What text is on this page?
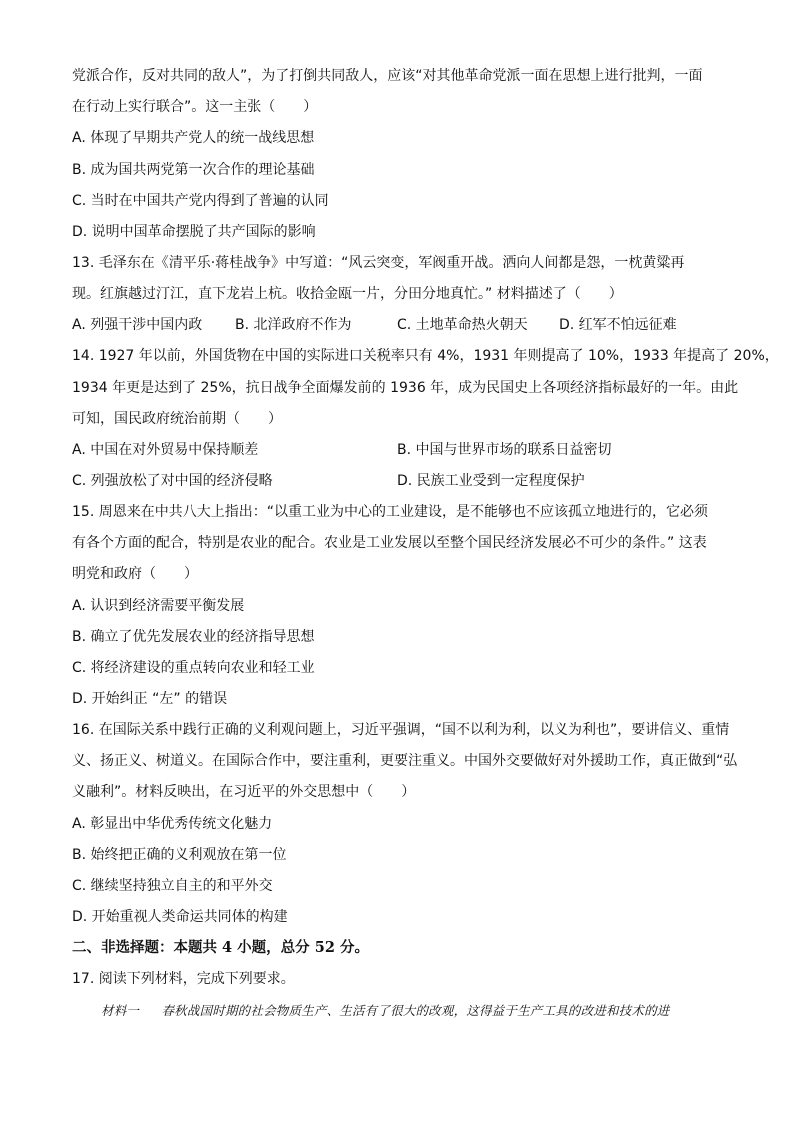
党派合作，反对共同的敌人”，为了打倒共同敌人，应该“对其他革命党派一面在思想上进行批判，一面
在行动上实行联合”。这一主张（　　）
A. 体现了早期共产党人的统一战线思想
B. 成为国共两党第一次合作的理论基础
C. 当时在中国共产党内得到了普遍的认同
D. 说明中国革命摆脱了共产国际的影响
13. 毛泽东在《清平乐·蒋桂战争》中写道：“风云突变，军阀重开战。洒向人间都是怨，一枕黄粱再
现。红旗越过汀江，直下龙岩上杭。收拾金瓯一片，分田分地真忙。” 材料描述了（　　）
A. 列强干涉中国内政 B. 北洋政府不作为	C. 土地革命热火朝天 D. 红军不怕远征难
14. 1927 年以前，外国货物在中国的实际进口关税率只有 4%，1931 年则提高了 10%，1933 年提高了 20%，
1934 年更是达到了 25%，抗日战争全面爆发前的 1936 年，成为民国史上各项经济指标最好的一年。由此
可知，国民政府统治前期（　　）
A. 中国在对外贸易中保持顺差	B. 中国与世界市场的联系日益密切
C. 列强放松了对中国的经济侵略	D. 民族工业受到一定程度保护
15. 周恩来在中共八大上指出：“以重工业为中心的工业建设，是不能够也不应该孤立地进行的，它必须
有各个方面的配合，特别是农业的配合。农业是工业发展以至整个国民经济发展必不可少的条件。” 这表
明党和政府（　　）
A. 认识到经济需要平衡发展
B. 确立了优先发展农业的经济指导思想
C. 将经济建设的重点转向农业和轻工业
D. 开始纠正 “左” 的错误
16. 在国际关系中践行正确的义利观问题上，习近平强调，“国不以利为利，以义为利也”，要讲信义、重情
义、扬正义、树道义。在国际合作中，要注重利，更要注重义。中国外交要做好对外援助工作，真正做到“弘
义融利”。材料反映出，在习近平的外交思想中（　　）
A. 彰显出中华优秀传统文化魅力
B. 始终把正确的义利观放在第一位
C. 继续坚持独立自主的和平外交
D. 开始重视人类命运共同体的构建
二、非选择题：本题共 4 小题，总分 52 分。
17. 阅读下列材料，完成下列要求。
材料一 春秋战国时期的社会物质生产、生活有了很大的改观，这得益于生产工具的改进和技术的进
